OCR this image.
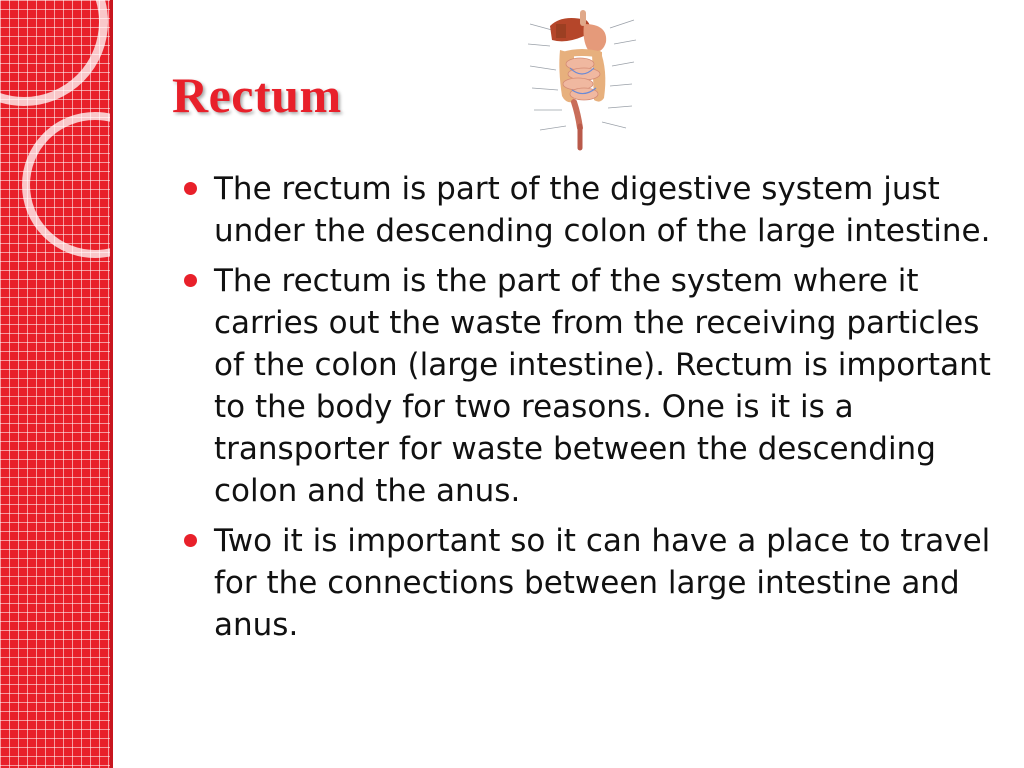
Rectum
The rectum is part of the digestive system just under the descending colon of the large intestine.
The rectum is the part of the system where it carries out the waste from the receiving particles of the colon (large intestine). Rectum is important to the body for two reasons. One is it is a transporter for waste between the descending colon and the anus.
Two it is important so it can have a place to travel for the connections between large intestine and anus.
